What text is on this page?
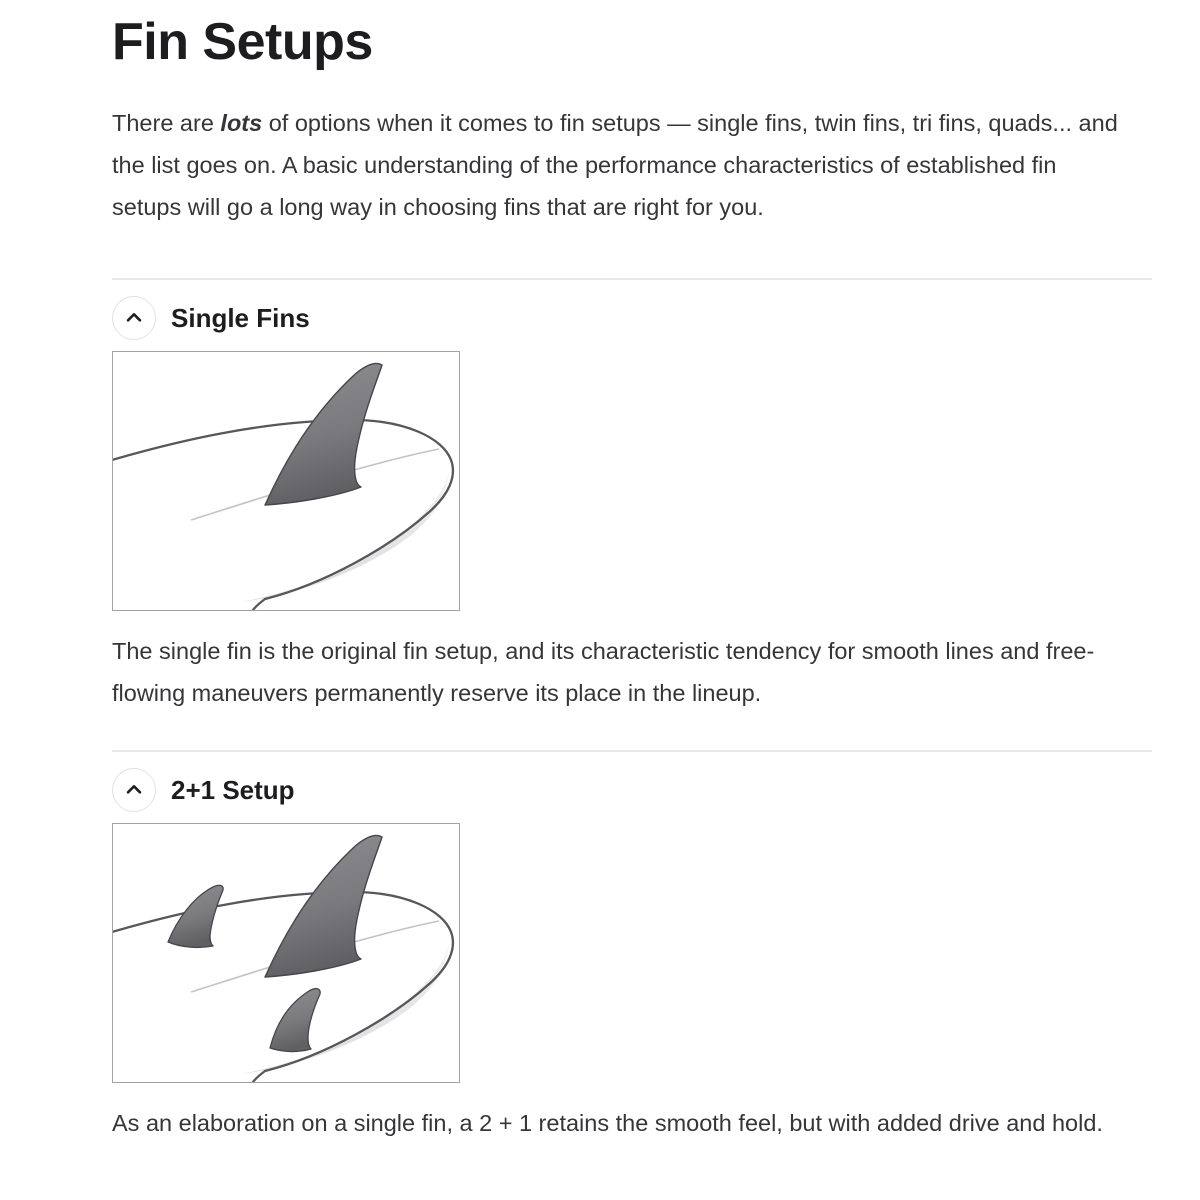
Fin Setups

There are lots of options when it comes to fin setups — single fins, twin fins, tri fins, quads... and the list goes on. A basic understanding of the performance characteristics of established fin setups will go a long way in choosing fins that are right for you.

Single Fins

The single fin is the original fin setup, and its characteristic tendency for smooth lines and free-flowing maneuvers permanently reserve its place in the lineup.

2+1 Setup

As an elaboration on a single fin, a 2 + 1 retains the smooth feel, but with added drive and hold.
